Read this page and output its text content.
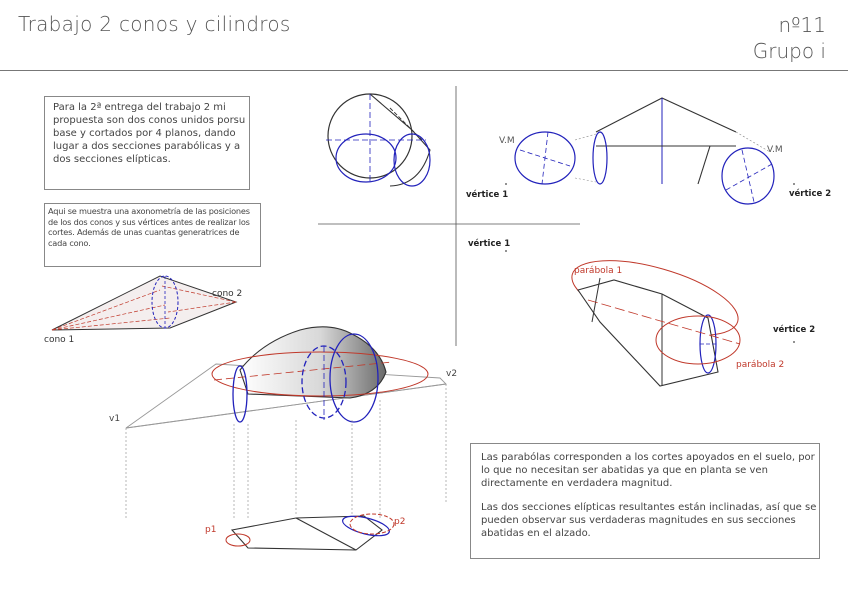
Trabajo 2 conos y cilindros	nº11
Grupo i

Para la 2ª entrega del trabajo 2 mi propuesta son dos conos unidos porsu base y cortados por 4 planos, dando lugar a dos secciones parabólicas y a dos secciones elípticas.

Aqui se muestra una axonometría de las posiciones de los dos conos y sus vértices antes de realizar los cortes. Además de unas cuantas generatrices de cada cono.

Las parabólas corresponden a los cortes apoyados en el suelo, por lo que no necesitan ser abatidas ya que en planta se ven directamente en verdadera magnitud.

Las dos secciones elípticas resultantes están inclinadas, así que se pueden observar sus verdaderas magnitudes en sus secciones abatidas en el alzado.

cono 2
cono 1
V.M
V.M
vértice 1	vértice 2
vértice 1
parábola 1
parábola 2
vértice 2
v1
v2
p1
p2
